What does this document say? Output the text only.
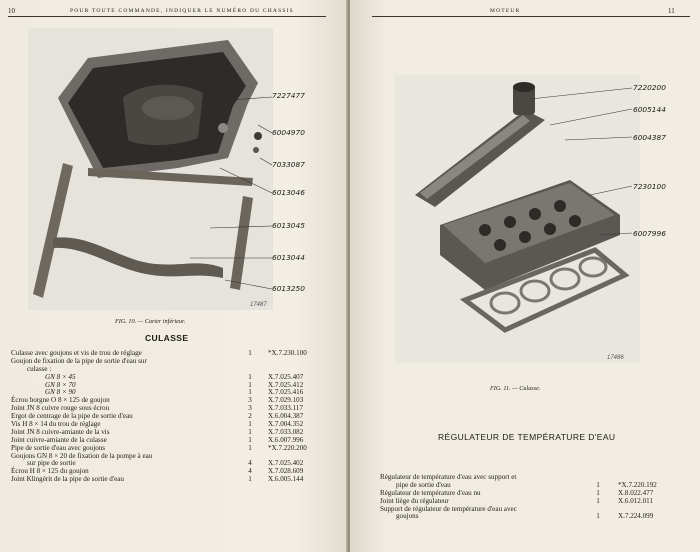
10	POUR TOUTE COMMANDE, INDIQUER LE NUMÉRO DU CHASSIS
17487
7227477
6004970
7033087
6013046
6013045
6013044
6013250
FIG. 10. — Carter inférieur.
CULASSE
Culasse avec goujons et vis de trou de réglage	1	*X.7.230.100
Goujon de fixation de la pipe de sortie d'eau sur
culasse :
GN 8 × 45	1	X.7.025.407
GN 8 × 70	1	X.7.025.412
GN 8 × 90	1	X.7.025.416
Écrou borgne O 8 × 125 de goujon	3	X.7.029.103
Joint JN 8 cuivre rouge sous écrou	3	X.7.033.117
Ergot de centrage de la pipe de sortie d'eau	2	X.6.004.387
Vis H 8 × 14 du trou de réglage	1	X.7.004.352
Joint JN 8 cuivre-amiante de la vis	1	X.7.033.082
Joint cuivre-amiante de la culasse	1	X.6.007.996
Pipe de sortie d'eau avec goujons	1	*X.7.220.200
Goujons GN 8 × 20 de fixation de la pompe à eau
sur pipe de sortie	4	X.7.025.402
Écrou H 8 × 125 du goujon	4	X.7.028.609
Joint Klingérit de la pipe de sortie d'eau	1	X.6.005.144
MOTEUR	11
17486
7220200
6005144
6004387
7230100
6007996
FIG. 11. — Culasse.
RÉGULATEUR DE TEMPÉRATURE D'EAU
Régulateur de température d'eau avec support et
pipe de sortie d'eau	1	*X.7.220.192
Régulateur de température d'eau nu	1	X.8.022.477
Joint liège du régulateur	1	X.6.012.011
Support de régulateur de température d'eau avec
goujons	1	X.7.224.099
